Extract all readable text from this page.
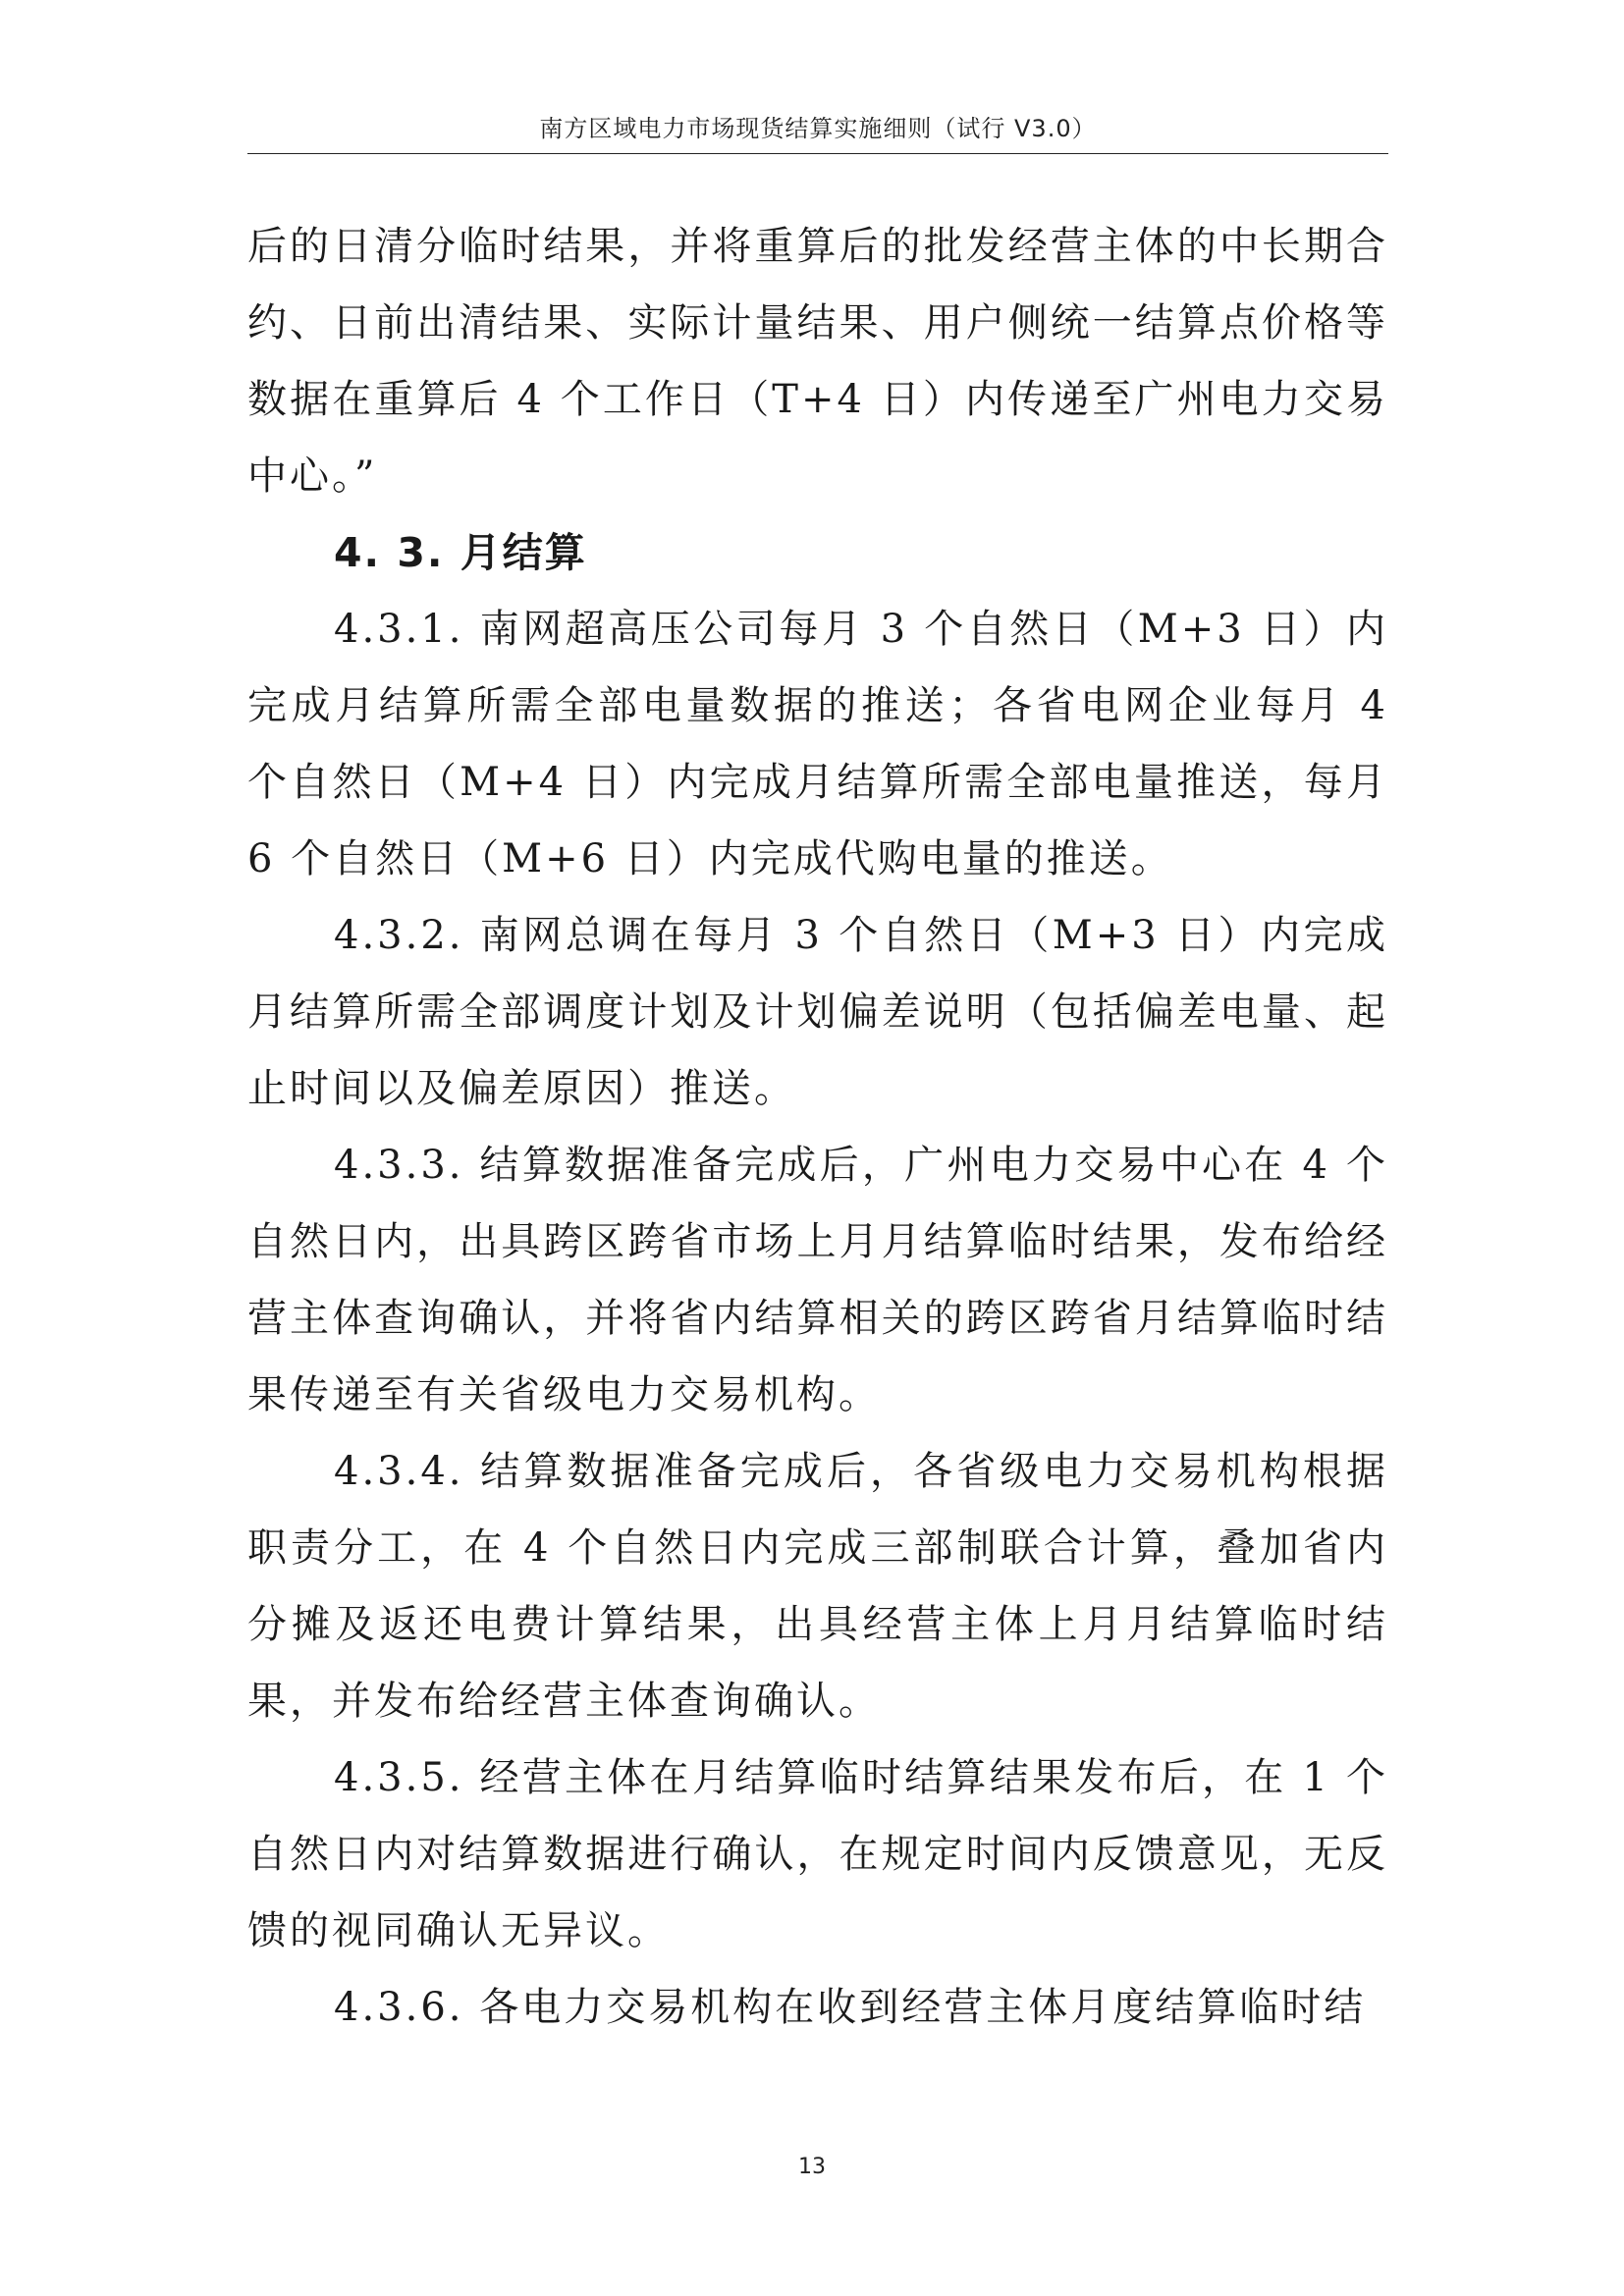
南方区域电力市场现货结算实施细则（试行 V3.0）

后的日清分临时结果，并将重算后的批发经营主体的中长期合约、日前出清结果、实际计量结果、用户侧统一结算点价格等数据在重算后 4 个工作日（T+4 日）内传递至广州电力交易中心。”

4. 3. 月结算

4.3.1. 南网超高压公司每月 3 个自然日（M+3 日）内完成月结算所需全部电量数据的推送；各省电网企业每月 4 个自然日（M+4 日）内完成月结算所需全部电量推送，每月 6 个自然日（M+6 日）内完成代购电量的推送。

4.3.2. 南网总调在每月 3 个自然日（M+3 日）内完成月结算所需全部调度计划及计划偏差说明（包括偏差电量、起止时间以及偏差原因）推送。

4.3.3. 结算数据准备完成后，广州电力交易中心在 4 个自然日内，出具跨区跨省市场上月月结算临时结果，发布给经营主体查询确认，并将省内结算相关的跨区跨省月结算临时结果传递至有关省级电力交易机构。

4.3.4. 结算数据准备完成后，各省级电力交易机构根据职责分工，在 4 个自然日内完成三部制联合计算，叠加省内分摊及返还电费计算结果，出具经营主体上月月结算临时结果，并发布给经营主体查询确认。

4.3.5. 经营主体在月结算临时结算结果发布后，在 1 个自然日内对结算数据进行确认，在规定时间内反馈意见，无反馈的视同确认无异议。

4.3.6. 各电力交易机构在收到经营主体月度结算临时结

13
